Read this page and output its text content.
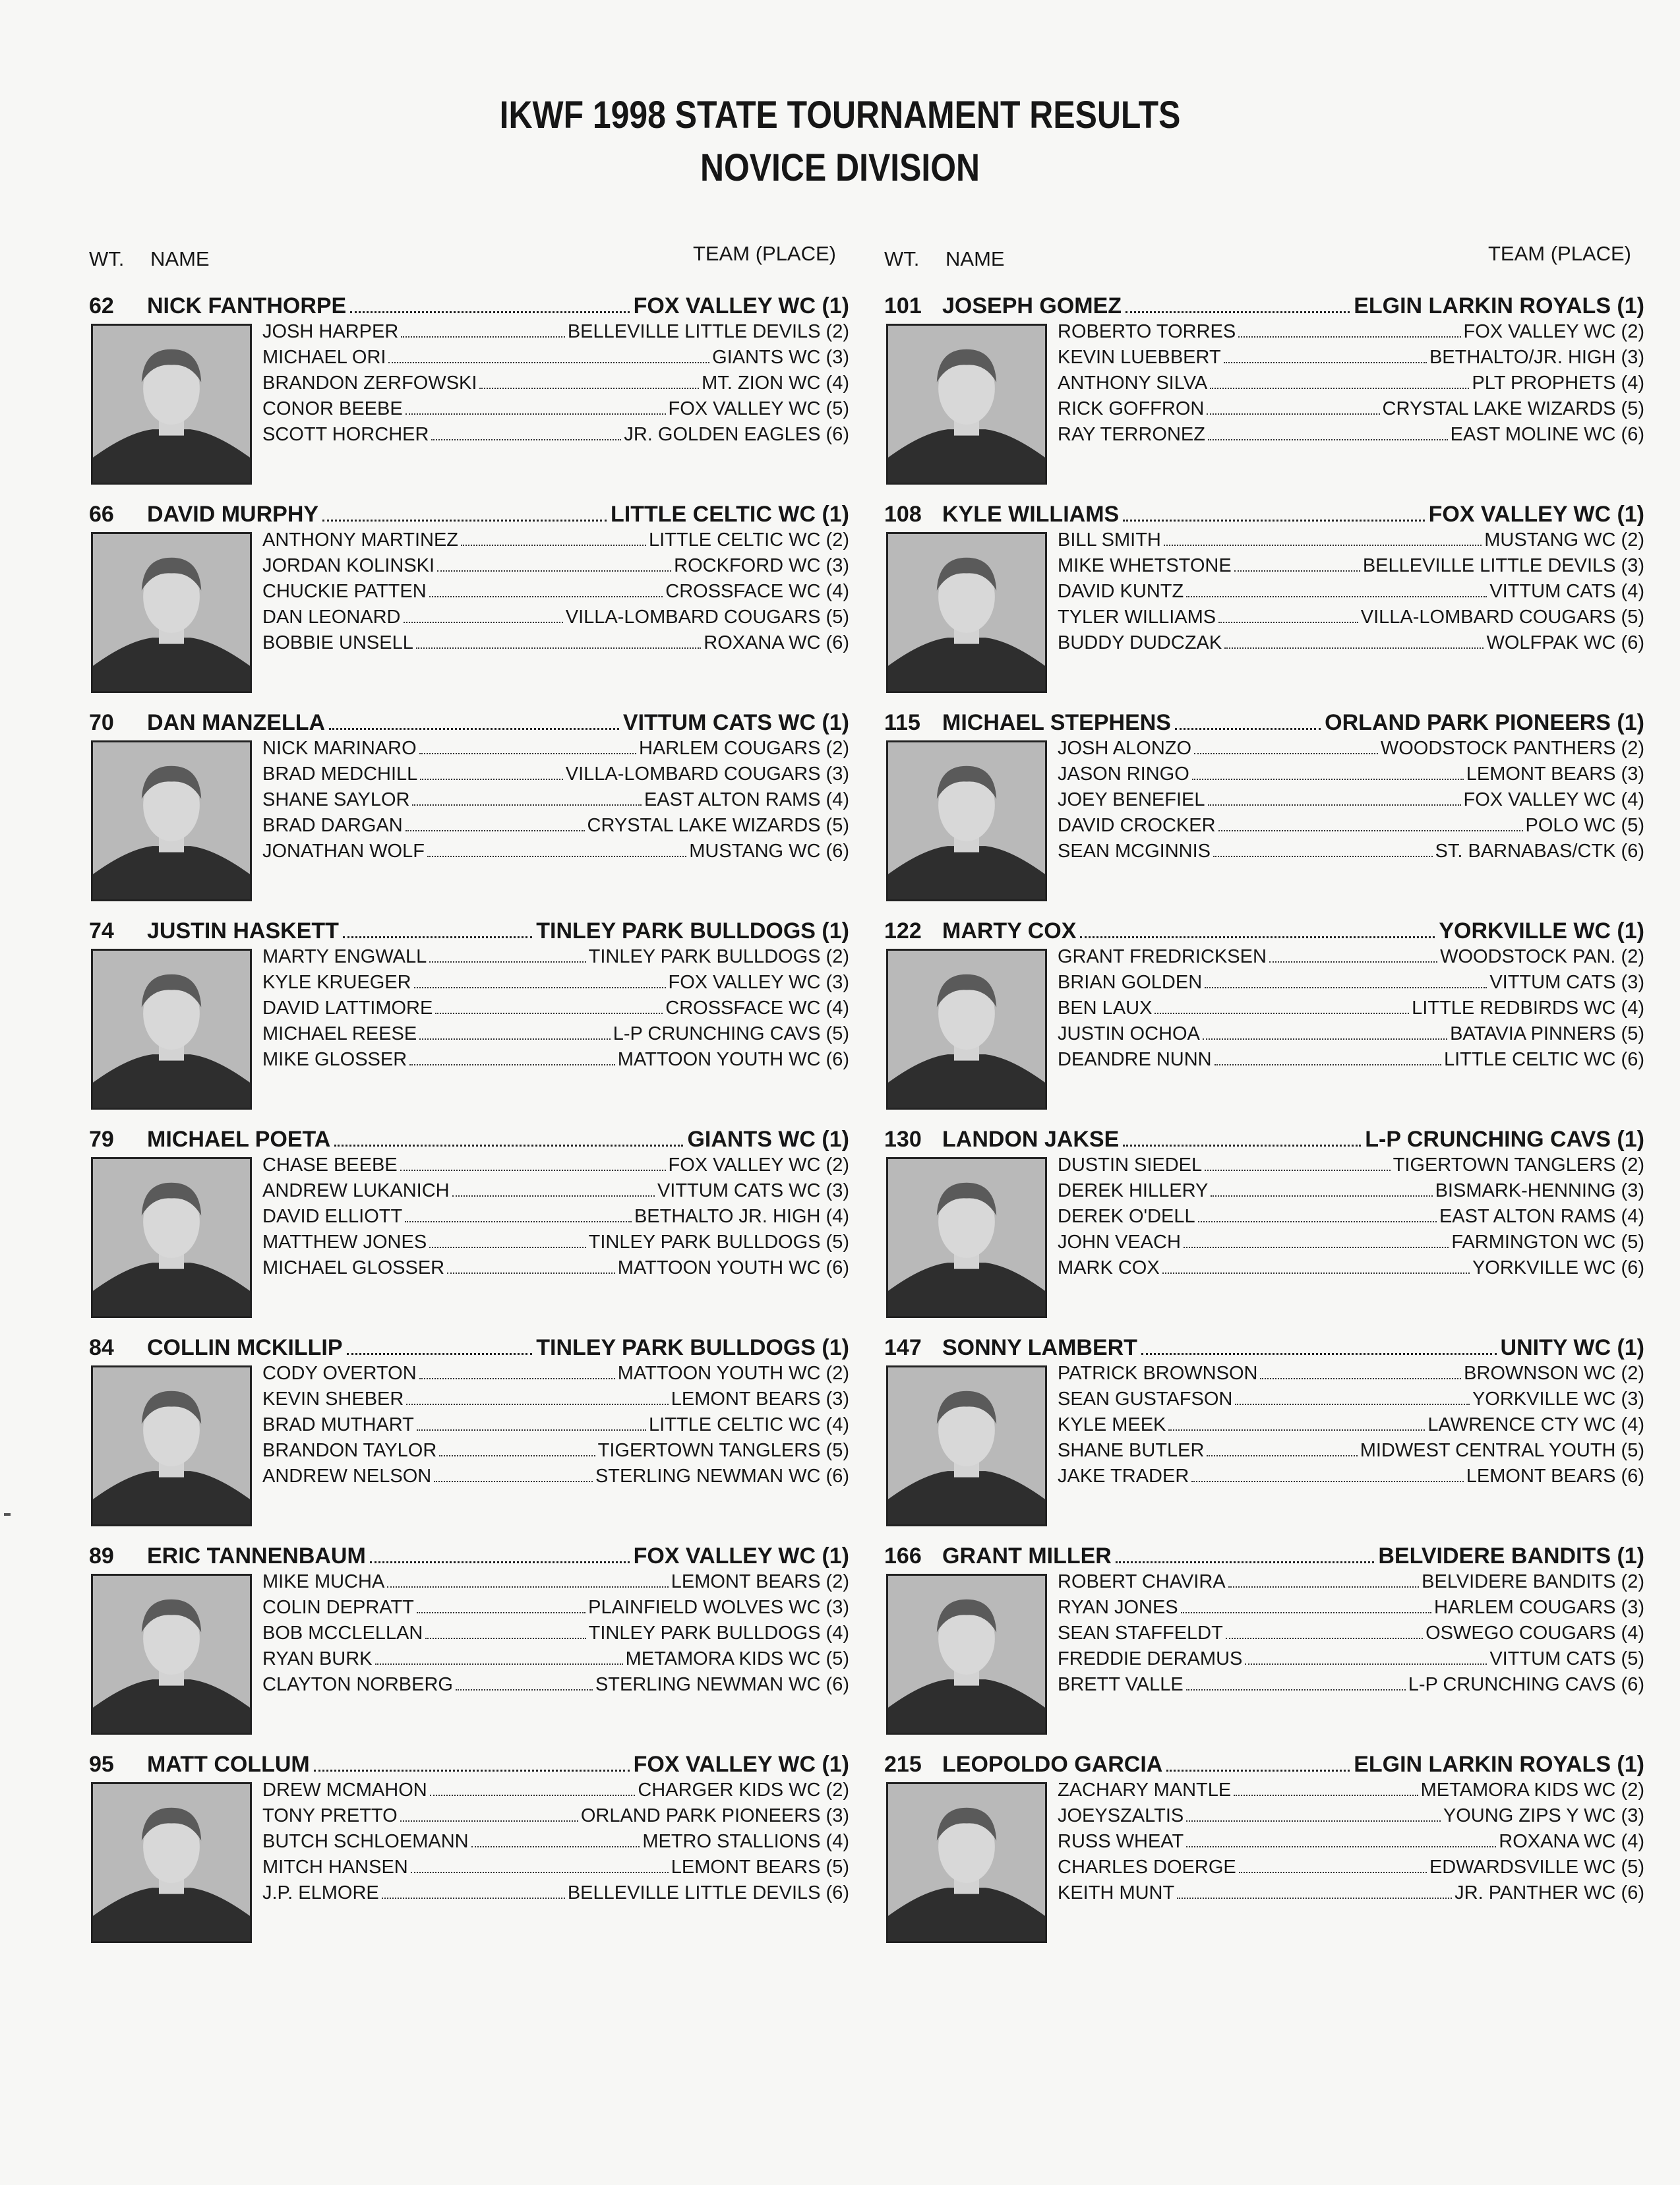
IKWF 1998 STATE TOURNAMENT RESULTS
NOVICE DIVISION
WT. NAME	TEAM (PLACE)
62	NICK FANTHORPE	FOX VALLEY WC (1)
JOSH HARPER	BELLEVILLE LITTLE DEVILS (2)
MICHAEL ORI	GIANTS WC (3)
BRANDON ZERFOWSKI	MT. ZION WC (4)
CONOR BEEBE	FOX VALLEY WC (5)
SCOTT HORCHER	JR. GOLDEN EAGLES (6)
66	DAVID MURPHY	LITTLE CELTIC WC (1)
ANTHONY MARTINEZ	LITTLE CELTIC WC (2)
JORDAN KOLINSKI	ROCKFORD WC (3)
CHUCKIE PATTEN	CROSSFACE WC (4)
DAN LEONARD	VILLA-LOMBARD COUGARS (5)
BOBBIE UNSELL	ROXANA WC (6)
70	DAN MANZELLA	VITTUM CATS WC (1)
NICK MARINARO	HARLEM COUGARS (2)
BRAD MEDCHILL	VILLA-LOMBARD COUGARS (3)
SHANE SAYLOR	EAST ALTON RAMS (4)
BRAD DARGAN	CRYSTAL LAKE WIZARDS (5)
JONATHAN WOLF	MUSTANG WC (6)
74	JUSTIN HASKETT	TINLEY PARK BULLDOGS (1)
MARTY ENGWALL	TINLEY PARK BULLDOGS (2)
KYLE KRUEGER	FOX VALLEY WC (3)
DAVID LATTIMORE	CROSSFACE WC (4)
MICHAEL REESE	L-P CRUNCHING CAVS (5)
MIKE GLOSSER	MATTOON YOUTH WC (6)
79	MICHAEL POETA	GIANTS WC (1)
CHASE BEEBE	FOX VALLEY WC (2)
ANDREW LUKANICH	VITTUM CATS WC (3)
DAVID ELLIOTT	BETHALTO JR. HIGH (4)
MATTHEW JONES	TINLEY PARK BULLDOGS (5)
MICHAEL GLOSSER	MATTOON YOUTH WC (6)
84	COLLIN MCKILLIP	TINLEY PARK BULLDOGS (1)
CODY OVERTON	MATTOON YOUTH WC (2)
KEVIN SHEBER	LEMONT BEARS (3)
BRAD MUTHART	LITTLE CELTIC WC (4)
BRANDON TAYLOR	TIGERTOWN TANGLERS (5)
ANDREW NELSON	STERLING NEWMAN WC (6)
89	ERIC TANNENBAUM	FOX VALLEY WC (1)
MIKE MUCHA	LEMONT BEARS (2)
COLIN DEPRATT	PLAINFIELD WOLVES WC (3)
BOB MCCLELLAN	TINLEY PARK BULLDOGS (4)
RYAN BURK	METAMORA KIDS WC (5)
CLAYTON NORBERG	STERLING NEWMAN WC (6)
95	MATT COLLUM	FOX VALLEY WC (1)
DREW MCMAHON	CHARGER KIDS WC (2)
TONY PRETTO	ORLAND PARK PIONEERS (3)
BUTCH SCHLOEMANN	METRO STALLIONS (4)
MITCH HANSEN	LEMONT BEARS (5)
J.P. ELMORE	BELLEVILLE LITTLE DEVILS (6)
WT. NAME	TEAM (PLACE)
101 JOSEPH GOMEZ	ELGIN LARKIN ROYALS (1)
ROBERTO TORRES	FOX VALLEY WC (2)
KEVIN LUEBBERT	BETHALTO/JR. HIGH (3)
ANTHONY SILVA	PLT PROPHETS (4)
RICK GOFFRON	CRYSTAL LAKE WIZARDS (5)
RAY TERRONEZ	EAST MOLINE WC (6)
108 KYLE WILLIAMS	FOX VALLEY WC (1)
BILL SMITH	MUSTANG WC (2)
MIKE WHETSTONE	BELLEVILLE LITTLE DEVILS (3)
DAVID KUNTZ	VITTUM CATS (4)
TYLER WILLIAMS	VILLA-LOMBARD COUGARS (5)
BUDDY DUDCZAK	WOLFPAK WC (6)
115 MICHAEL STEPHENS	ORLAND PARK PIONEERS (1)
JOSH ALONZO	WOODSTOCK PANTHERS (2)
JASON RINGO	LEMONT BEARS (3)
JOEY BENEFIEL	FOX VALLEY WC (4)
DAVID CROCKER	POLO WC (5)
SEAN MCGINNIS	ST. BARNABAS/CTK (6)
122 MARTY COX	YORKVILLE WC (1)
GRANT FREDRICKSEN	WOODSTOCK PAN. (2)
BRIAN GOLDEN	VITTUM CATS (3)
BEN LAUX	LITTLE REDBIRDS WC (4)
JUSTIN OCHOA	BATAVIA PINNERS (5)
DEANDRE NUNN	LITTLE CELTIC WC (6)
130 LANDON JAKSE	L-P CRUNCHING CAVS (1)
DUSTIN SIEDEL	TIGERTOWN TANGLERS (2)
DEREK HILLERY	BISMARK-HENNING (3)
DEREK O'DELL	EAST ALTON RAMS (4)
JOHN VEACH	FARMINGTON WC (5)
MARK COX	YORKVILLE WC (6)
147 SONNY LAMBERT	UNITY WC (1)
PATRICK BROWNSON	BROWNSON WC (2)
SEAN GUSTAFSON	YORKVILLE WC (3)
KYLE MEEK	LAWRENCE CTY WC (4)
SHANE BUTLER	MIDWEST CENTRAL YOUTH (5)
JAKE TRADER	LEMONT BEARS (6)
166 GRANT MILLER	BELVIDERE BANDITS (1)
ROBERT CHAVIRA	BELVIDERE BANDITS (2)
RYAN JONES	HARLEM COUGARS (3)
SEAN STAFFELDT	OSWEGO COUGARS (4)
FREDDIE DERAMUS	VITTUM CATS (5)
BRETT VALLE	L-P CRUNCHING CAVS (6)
215 LEOPOLDO GARCIA	ELGIN LARKIN ROYALS (1)
ZACHARY MANTLE	METAMORA KIDS WC (2)
JOEYSZALTIS	YOUNG ZIPS Y WC (3)
RUSS WHEAT	ROXANA WC (4)
CHARLES DOERGE	EDWARDSVILLE WC (5)
KEITH MUNT	JR. PANTHER WC (6)
